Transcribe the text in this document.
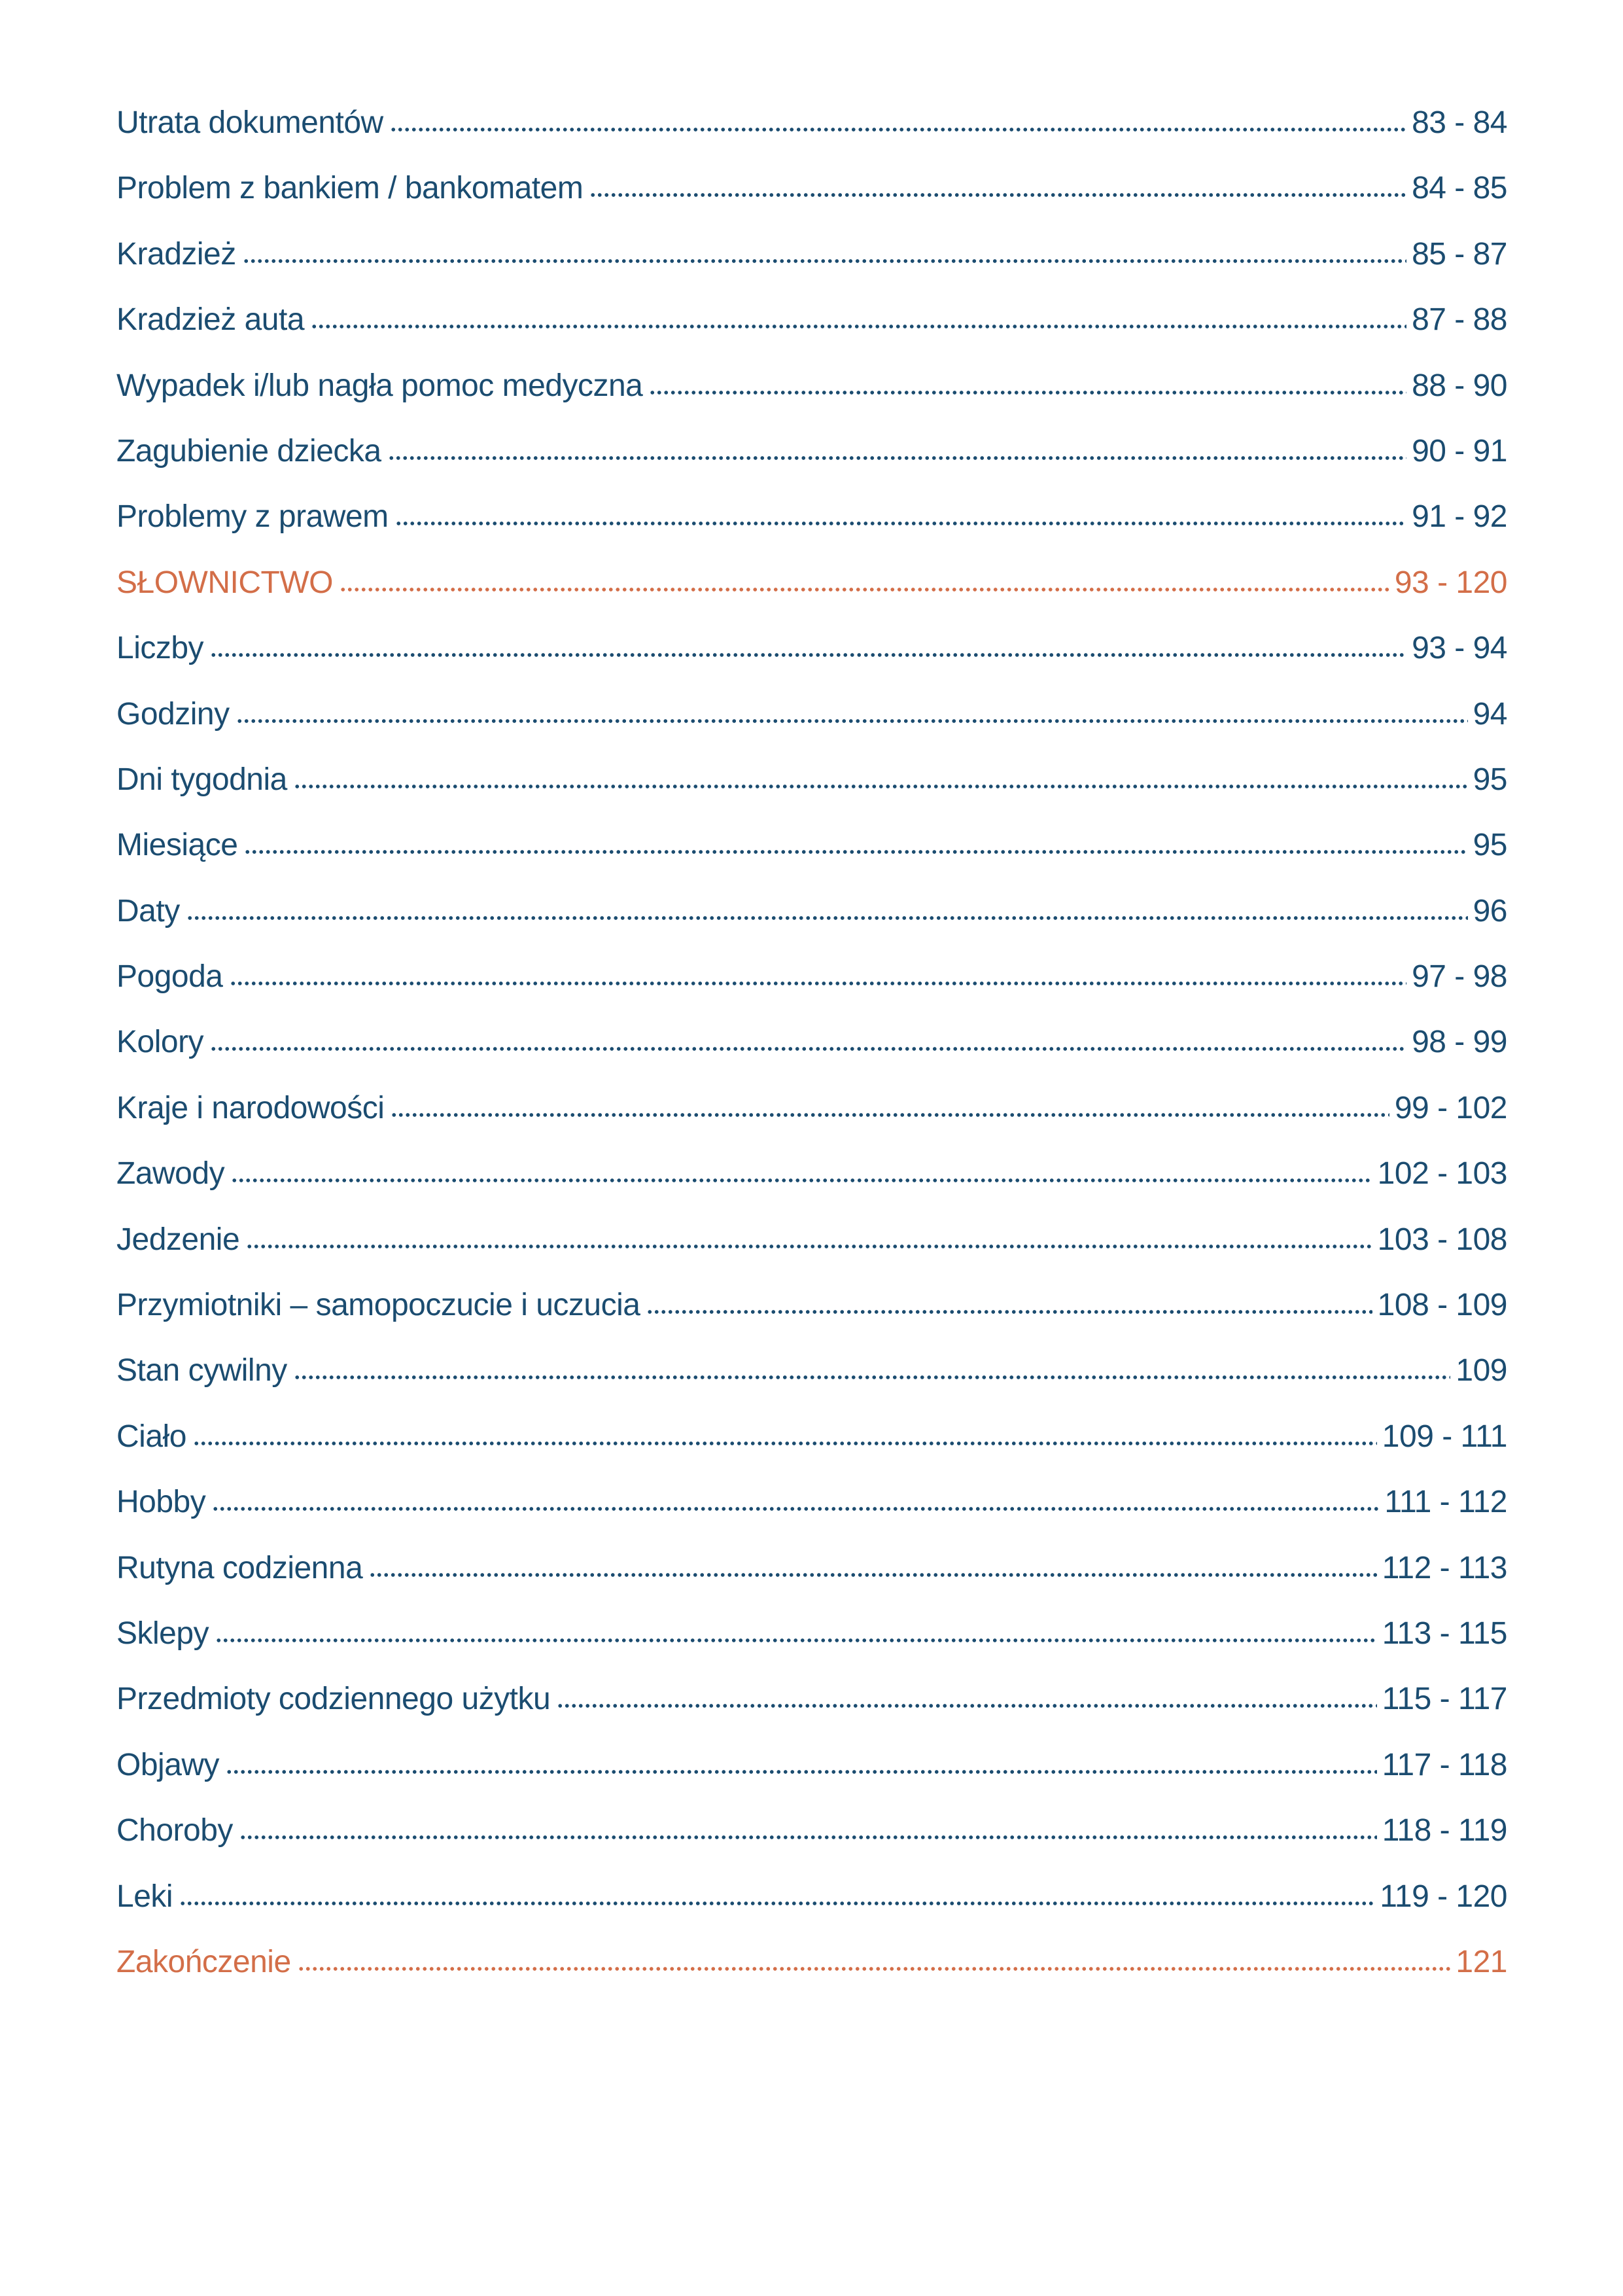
Utrata dokumentów	83 - 84
Problem z bankiem / bankomatem	84 - 85
Kradzież	85 - 87
Kradzież auta	87 - 88
Wypadek i/lub nagła pomoc medyczna	88 - 90
Zagubienie dziecka	90 - 91
Problemy z prawem	91 - 92
SŁOWNICTWO	93 - 120
Liczby	93 - 94
Godziny	94
Dni tygodnia	95
Miesiące	95
Daty	96
Pogoda	97 - 98
Kolory	98 - 99
Kraje i narodowości	99 - 102
Zawody	102 - 103
Jedzenie	103 - 108
Przymiotniki – samopoczucie i uczucia	108 - 109
Stan cywilny	109
Ciało	109 - 111
Hobby	111 - 112
Rutyna codzienna	112 - 113
Sklepy	113 - 115
Przedmioty codziennego użytku	115 - 117
Objawy	117 - 118
Choroby	118 - 119
Leki	119 - 120
Zakończenie	121
